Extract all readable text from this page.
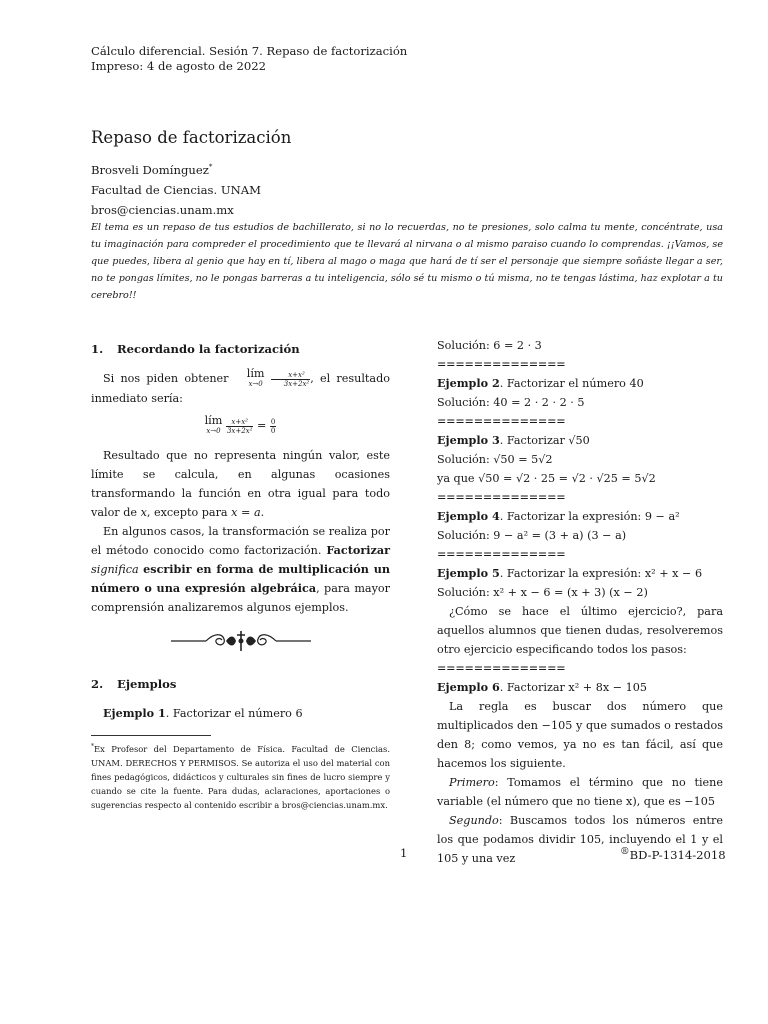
Cálculo diferencial. Sesión 7. Repaso de factorización
Impreso: 4 de agosto de 2022
Repaso de factorización
Brosveli Domínguez*
Facultad de Ciencias. UNAM
bros@ciencias.unam.mx
El tema es un repaso de tus estudios de bachillerato, si no lo recuerdas, no te presiones, solo calma tu mente, concéntrate, usa tu imaginación para compreder el procedimiento que te llevará al nirvana o al mismo paraiso cuando lo comprendas. ¡¡Vamos, se que puedes, libera al genio que hay en tí, libera al mago o maga que hará de tí ser el personaje que siempre soñáste llegar a ser, no te pongas límites, no le pongas barreras a tu inteligencia, sólo sé tu mismo o tú misma, no te tengas lástima, haz explotar a tu cerebro!!
1. Recordando la factorización

Si nos piden obtener lím
x→0
$\frac{\text{x+x²}}{\text{3x+2x²}}$ , el resultado inmediato sería:

lím
x→0
$\frac{\text{x+x²}}{\text{3x+2x²}} = \frac{0}{0}$

Resultado que no representa ningún valor, este límite se calcula, en algunas ocasiones transformando la función en otra igual para todo valor de x, excepto para x = a.

En algunos casos, la transformación se realiza por el método conocido como factorización. Factorizar significa escribir en forma de multiplicación un número o una expresión algebráica, para mayor comprensión analizaremos algunos ejemplos.

2. Ejemplos

Ejemplo 1. Factorizar el número 6

*Ex Profesor del Departamento de Física. Facultad de Ciencias. UNAM. DERECHOS Y PERMISOS. Se autoriza el uso del material con fines pedagógicos, didácticos y culturales sin fines de lucro siempre y cuando se cite la fuente. Para dudas, aclaraciones, aportaciones o sugerencias respecto al contenido escribir a bros@ciencias.unam.mx.
Solución: 6 = 2 · 3
==============
Ejemplo 2. Factorizar el número 40
Solución: 40 = 2 · 2 · 2 · 5
==============
Ejemplo 3. Factorizar √50
Solución: √50 = 5√2
ya que √50 = √2 · 25 = √2 · √25 = 5√2
==============
Ejemplo 4. Factorizar la expresión: 9 − a²
Solución: 9 − a² = (3 + a) (3 − a)
==============
Ejemplo 5. Factorizar la expresión: x² + x − 6
Solución: x² + x − 6 = (x + 3) (x − 2)

¿Cómo se hace el último ejercicio?, para aquellos alumnos que tienen dudas, resolveremos otro ejercicio especificando todos los pasos:

==============
Ejemplo 6. Factorizar x² + 8x − 105

La regla es buscar dos número que multiplicados den −105 y que sumados o restados den 8; como vemos, ya no es tan fácil, así que hacemos los siguiente.

Primero: Tomamos el término que no tiene variable (el número que no tiene x), que es −105

Segundo: Buscamos todos los números entre los que podamos dividir 105, incluyendo el 1 y el 105 y una vez

1	®BD-P-1314-2018
